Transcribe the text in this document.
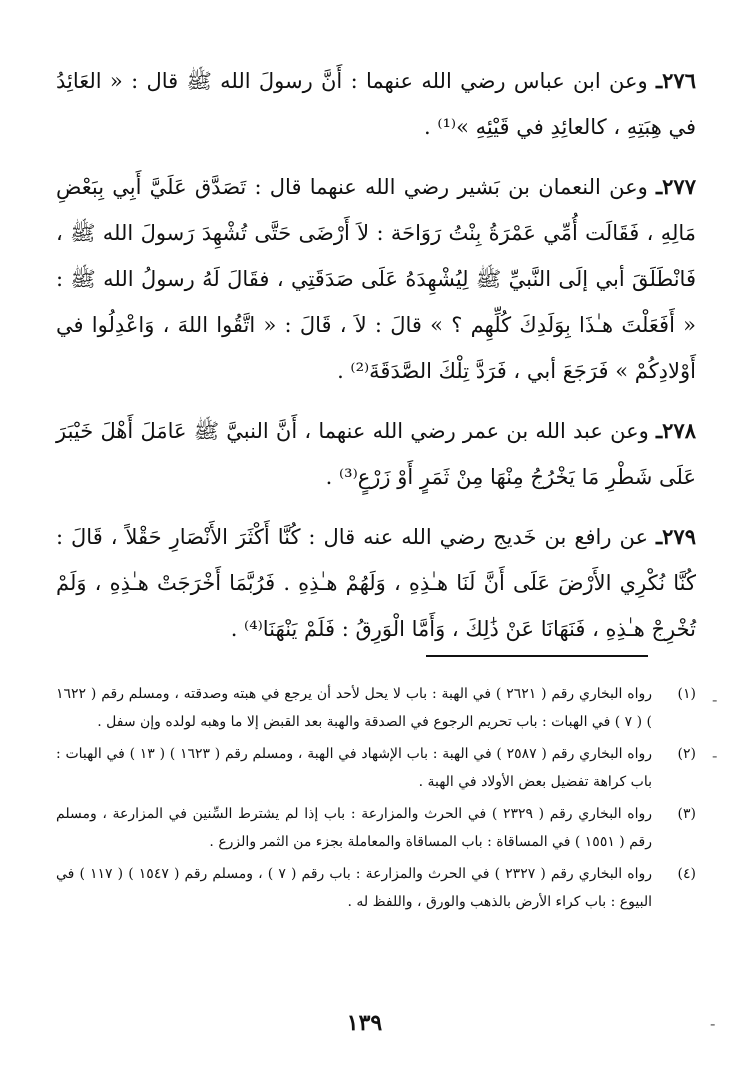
٢٧٦ـ وعن ابن عباس رضي الله عنهما : أَنَّ رسولَ الله ﷺ قال : « العَائِدُ في هِبَتِهِ ، كالعائِدِ في قَيْئِهِ »⁽¹⁾ .

٢٧٧ـ وعن النعمان بن بَشير رضي الله عنهما قال : تَصَدَّق عَلَيَّ أَبِي بِبَعْضِ مَالِهِ ، فَقَالَت أُمِّي عَمْرَةُ بِنْتُ رَوَاحَة : لاَ أَرْضَى حَتَّى تُشْهِدَ رَسولَ الله ﷺ ، فَانْطَلَقَ أبي إلَى النَّبيِّ ﷺ لِيُشْهِدَهُ عَلَى صَدَقَتِي ، فقَالَ لَهُ رسولُ الله ﷺ : « أَفَعَلْتَ هـٰذَا بِوَلَدِكَ كُلِّهِم ؟ » قالَ : لاَ ، قَالَ : « اتَّقُوا اللهَ ، وَاعْدِلُوا في أَوْلادِكُمْ » فَرَجَعَ أبي ، فَرَدَّ تِلْكَ الصَّدَقَةَ⁽²⁾ .

٢٧٨ـ وعن عبد الله بن عمر رضي الله عنهما ، أَنَّ النبيَّ ﷺ عَامَلَ أَهْلَ خَيْبَرَ عَلَى شَطْرِ مَا يَخْرُجُ مِنْهَا مِنْ ثَمَرٍ أَوْ زَرْعٍ⁽³⁾ .

٢٧٩ـ عن رافع بن خَديج رضي الله عنه قال : كُنَّا أَكْثَرَ الأَنْصَارِ حَقْلاً ، قَالَ : كُنَّا نُكْرِي الأَرْضَ عَلَى أَنَّ لَنَا هـٰذِهِ ، وَلَهُمْ هـٰذِهِ . فَرُبَّمَا أَخْرَجَتْ هـٰذِهِ ، وَلَمْ تُخْرِجْ هـٰذِهِ ، فَنَهَانَا عَنْ ذَٰلِكَ ، وَأَمَّا الْوَرِقُ : فَلَمْ يَنْهَنَا⁽⁴⁾ .

(١)
رواه البخاري رقم ( ٢٦٢١ ) في الهبة : باب لا يحل لأحد أن يرجع في هبته وصدقته ، ومسلم رقم ( ١٦٢٢ ) ( ٧ ) في الهبات : باب تحريم الرجوع في الصدقة والهبة بعد القبض إلا ما وهبه لولده وإن سفل .
(٢)
رواه البخاري رقم ( ٢٥٨٧ ) في الهبة : باب الإشهاد في الهبة ، ومسلم رقم ( ١٦٢٣ ) ( ١٣ ) في الهبات : باب كراهة تفضيل بعض الأولاد في الهبة .
(٣)
رواه البخاري رقم ( ٢٣٢٩ ) في الحرث والمزارعة : باب إذا لم يشترط السِّنين في المزارعة ، ومسلم رقم ( ١٥٥١ ) في المساقاة : باب المساقاة والمعاملة بجزء من الثمر والزرع .
(٤)
رواه البخاري رقم ( ٢٣٢٧ ) في الحرث والمزارعة : باب رقم ( ٧ ) ، ومسلم رقم ( ١٥٤٧ ) ( ١١٧ ) في البيوع : باب كراء الأرض بالذهب والورق ، واللفظ له .
١٣٩
-
-
-
